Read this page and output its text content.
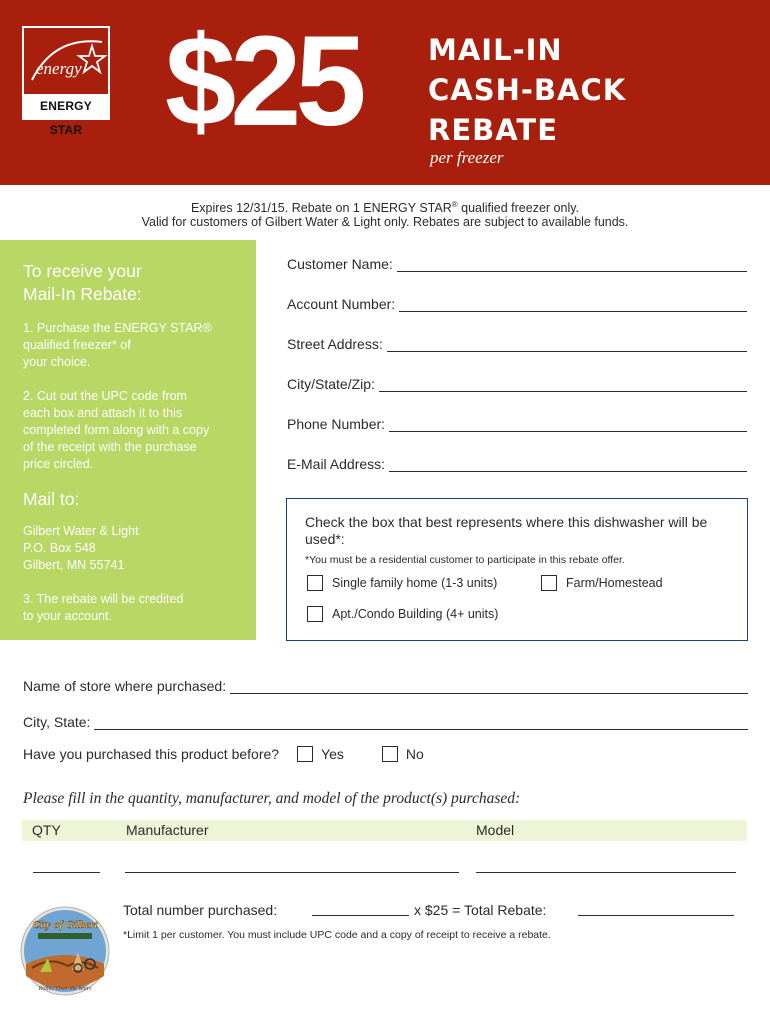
energy
ENERGY STAR $25 MAIL-IN
CASH-BACK
REBATE
per freezer
Expires 12/31/15. Rebate on 1 ENERGY STAR® qualified freezer only.
Valid for customers of Gilbert Water & Light only. Rebates are subject to available funds.
To receive your
Mail-In Rebate:
1. Purchase the ENERGY STAR®
qualified freezer* of
your choice.
2. Cut out the UPC code from
each box and attach it to this
completed form along with a copy
of the receipt with the purchase
price circled.
Mail to:
Gilbert Water & Light
P.O. Box 548
Gilbert, MN 55741
3. The rebate will be credited
to your account.
Customer Name:
Account Number:
Street Address:
City/State/Zip:
Phone Number:
E-Mail Address:
Check the box that best represents where this dishwasher will be used*:
*You must be a residential customer to participate in this rebate offer.
Single family home (1-3 units)	Farm/Homestead
Apt./Condo Building (4+ units)
Name of store where purchased:
City, State:
Have you purchased this product before?	Yes	No
Please fill in the quantity, manufacturer, and model of the product(s) purchased:
QTY	Manufacturer	Model
Total number purchased:	x $25 = Total Rebate:
*Limit 1 per customer. You must include UPC code and a copy of receipt to receive a rebate.
City of Gilbert
Rollin' Over the Years
